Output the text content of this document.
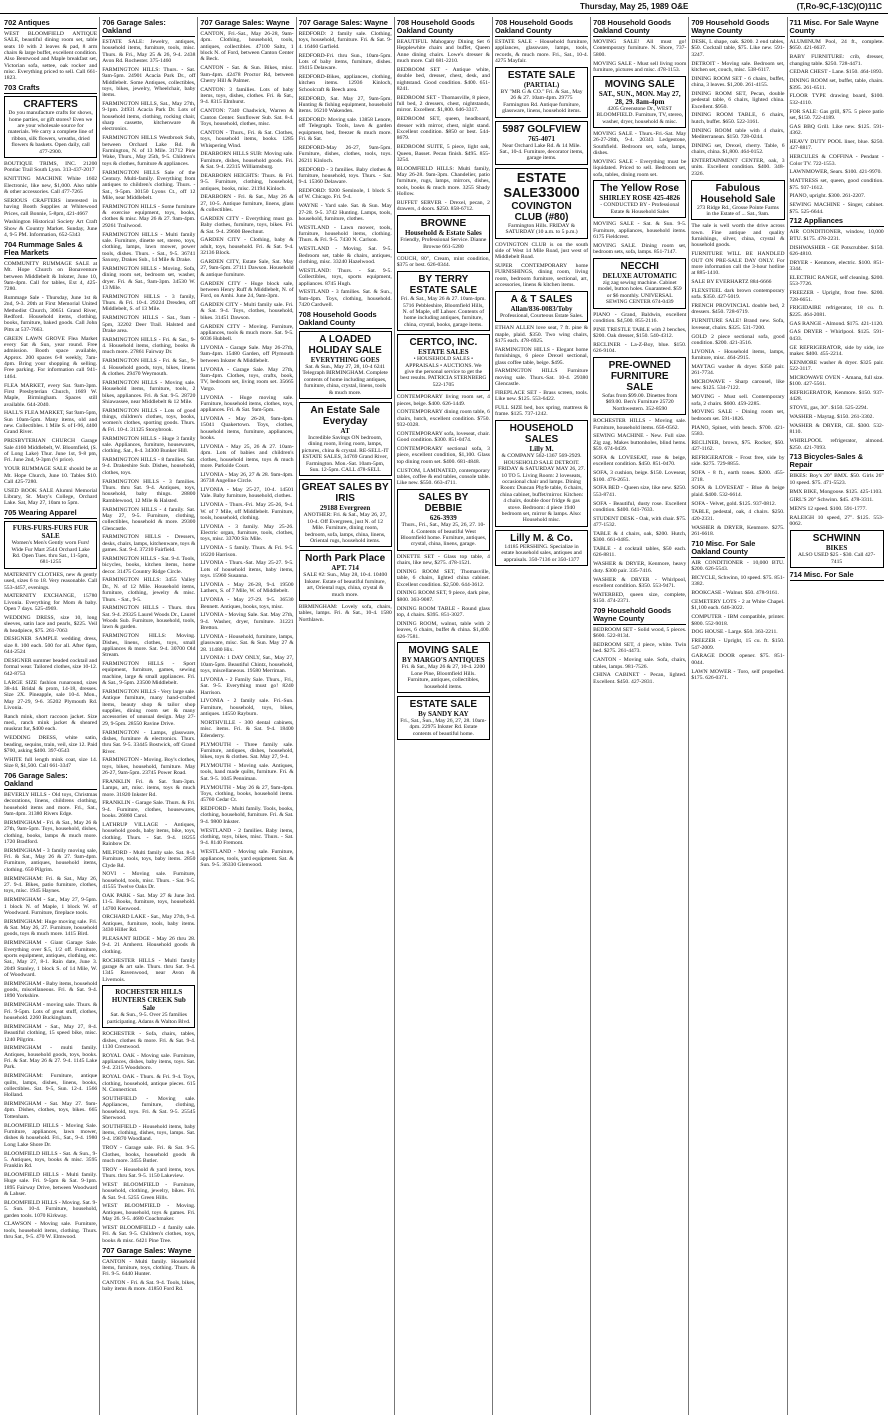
Thursday, May 25, 1989 O&E	(T,Ro-9C,F-13C)(O)11C
702 Antiques
WEST BLOOMFIELD ANTIQUE SALE, beautiful dining room set, table seats 10 with 2 leaves & pad, 8 arm chairs & large buffet, excellent condition. Also Bentwood and Maple breakfast set, Victorian sofa, settee, oak rocker and misc. Everything priced to sell. Call 661-1823.
703 Crafts
CRAFTERS
Do you manufacture crafts for shows, home parties, or gift stores? Even we are your wholesale source for materials. We carry a complete line of ribbon, silk flowers, wreaths, dried flowers & baskets. Open daily, call 477-2900.
BOUTIQUE TRIMS, INC. 21200 Pontiac Trail South Lyon. 313-437-2017
KNITTING MACHINE White 1602 Electronic, like new, $1,000. Also table & other accessories. Call 477-7265
SERIOUS CRAFTERS interested in having Booth Supplies at Whitewood Prices, call Bonnie, 5-8pm, 421-4667
Washington Historical Society Art Craft Show & Country Market. Sunday, June 4, 9-5 PM. Information, 652-5343
704 Rummage Sales & Flea Markets
COMMUNITY RUMMAGE SALE at Mt. Hope Church on Bonaventure between Middlebelt & Inkster, June 10, 9am-4pm. Call for tables, Ext 4, 425-7280.
Rummage Sale - Thursday, June 1st & 2nd, 9-3. 20th at First Memorial United Methodist Church, 30651 Grand River, Redford. Household items, clothing, books, furniture, baked goods. Call John Pitts at 537-7663.
GREEN LAWN GROVE Flea Market every Sat & Sun, year round. Free admission. Booth space available, Approx. 200 spaces 6-8 weekly, 7am-4pm. Bring your shopping & selling. Free parking. For information call 941-1464.
FLEA MARKET, every Sat. 9am-3pm. First Presbyterian Church, 1669 W. Maple, Birmingham. Spaces still available. 644-2040.
HALL'S FLEA MARKET, Sat 9am-5pm, Sun 10am-5pm. Many items, old and new. Collectibles. 1 Mile S. of I-96, 4400 Grand River.
PRESBYTERIAN CHURCH Garage Sale 4160 Middlebelt, W. Bloomfield, (S. of Long Lake) Thur. June 1st, 9-8 pm, Fri. June 2nd, 9-3pm (½ price).
YOUR RUMMAGE SALE should be at Mt. Hope Church, June 10. Tables $10. Call 425-7280.
USED BOOK SALE Alumni Memorial Library, St. Mary's College, Orchard Lake. Sat, May 27, 10am to 5pm.
705 Wearing Apparel
FURS-FURS-FURS FUR SALE
Women's Men's Gently worn Furs! Wide Fur Mart 2544 Orchard Lake Rd. Open Tues. thru Sat., 11-5pm, 681-1255
MATERNITY CLOTHES, new & gently used, sizes 6 to 18. Very reasonable. Call 553-4457, evenings.
MATERNITY EXCHANGE, 15780 Livonia. Everything for Mom & baby. Open 7 days. 525-4969.
WEDDING DRESS, size 10, long sleeves, satin lace and pearls, $225. Veil & headpiece, $75. 261-7063
DESIGNER SAMPLE wedding dress, size 8. 100 each. 500 for all. After 6pm, 644-2524
DESIGNER summer beaded cocktail and formal wear. Tailored clothes, size 10-12. 642-8753
LARGE SIZE fashion runaround, sizes 38-44. Bridal & prom, 14-18, dresses. Size 2X. Pineapple, sale 10-4. Mon., May 27-29, 9-6. 35202 Plymouth Rd. Livonia.
Ranch mink, short raccoon jacket. Size med., ranch mink jacket & sheared muskrat fur, $400 each.
WEDDING DRESS, white satin, beading, sequins, train, veil, size 12. Paid $700, asking $400. 397-0543
WHITE full length mink coat, size 14. Size 8, $1,500. Call 661-3347
706 Garage Sales: Oakland
BEVERLY HILLS - Old toys, Christmas decorations, linens, childrens clothing, household items and more. Fri., Sat., 9am-4pm. 31380 Rivers Edge.
BIRMINGHAM - Fri. & Sat., May 26 & 27th, 9am-5pm. Toys, household, dishes, clothing, books, lamps & much more. 1720 Bradford.
BIRMINGHAM - 3 family moving sale, Fri. & Sat., May 26 & 27. 9am-4pm. Furniture, antiques, household items, clothing. 650 Pilgrim.
BIRMINGHAM: Fri. & Sat., May 26, 27. 9-4. Bikes, patio furniture, clothes, toys, misc. 1945 Haynes.
BIRMINGHAM - Sat., May 27, 9-5pm. 1 block N. of Maple, 1 block W. of Woodward. Furniture, fireplace tools.
BIRMINGHAM: Huge moving sale. Fri. & Sat. May 26, 27. Furniture, household goods, toys & much more. 1415 Bird.
BIRMINGHAM - Giant Garage Sale. Everything over $.5, 1/2 off. Furniture, sports equipment, antiques, clothing, etc. Sat., May 27, 8-1. Rain date, June 3. 2049 Stanley, 1 block S. of 14 Mile, W. of Woodward.
BIRMINGHAM - Baby items, household goods, miscellaneous. Fri. & Sat. 9-4. 1890 Yorkshire.
BIRMINGHAM - moving sale. Thurs. & Fri. 9-5pm. Lots of great stuff, clothes, household. 2260 Buckingham.
BIRMINGHAM - Sat., May 27, 8-4. Beautiful clothing, 15 speed bike, misc. 1240 Pilgrim.
BIRMINGHAM - multi family. Antiques, household goods, toys, books. Fri. & Sat. May 26 & 27. 9-4. 1145 Lake Park.
BIRMINGHAM: Furniture, antique quilts, lamps, dishes, linens, books, collectibles. Sat. 9-5, Sun. 12-4. 1566 Holland.
BIRMINGHAM - Sat. May 27. 9am-4pm. Dishes, clothes, toys, bikes. 665 Tottenham.
BLOOMFIELD HILLS - Moving Sale. Furniture, appliances, lawn mower, dishes & household. Fri., Sat., 9-4. 1980 Long Lake Shore Dr.
BLOOMFIELD HILLS - Sat. & Sun., 9-5. Antiques, toys, books & misc. 3595 Franklin Rd.
BLOOMFIELD HILLS - Multi family. Huge sale. Fri. 9-5pm & Sat. 9-1pm. 1895 Fairway Drive, between Woodward & Lahser.
BLOOMFIELD HILLS - Moving. Sat. 9-5. Sun. 10-4. Furniture, household, garden tools. 1070 Kirkway.
CLAWSON - Moving sale. Furniture, tools, household items, clothing. Thurs. thru Sat., 9-5. 470 W. Elmwood.
706 Garage Sales: Oakland
ESTATE SALE: Jewelry, antiques, household items, furniture, tools, misc. Thurs. & Fri., May 25 & 26, 9-4. 2438 Avon Rd. Rochester. 375-1460
FARMINGTON HILLS: Thurs. - Sat. 9am-5pm. 24901 Acacia Park Dr., off Middlebelt. Some Antiques, collectibles, toys, bikes, jewelry, Wheelchair, baby items.
FARMINGTON HILLS, Sat., May 27th, 9-1pm. 24931 Acacia Park Dr. Lots of household items, clothing, rocking chair, sharp cassette, kitchenware & electronics.
FARMINGTON HILLS Westbrook Sub, between Orchard Lake Rd. & Farmington, N. of 13 Mile. 31712 Pine Wake, Thurs., May 25th, 9-5. Children's toys & clothes, furniture & appliances.
FARMINGTON HILLS Sale of the Century. Multi-family. Everything from antiques to children's clothing. Thurs. - Sat., 9-5pm. 30150 Lyons Ct., off 12 Mile, near Middlebelt.
FARMINGTON HILLS - Some furniture & exercise equipment, toys, books, clothes & misc. May 26 & 27. 9am-4pm. 29261 Trailwood.
FARMINGTON HILLS - Multi family sale. Furniture, dinette set, stereo, toys, clothing, lamps, lawn mower, power tools, dishes. Thurs. - Sat., 9-5. 36741 Saxony, Drakes Sub., 14 Mile & Drake.
FARMINGTON HILLS - Moving. Sofa, dining room set, bedroom set, washer, dryer. Fri. & Sat., 9am-3pm. 34530 W. 13 Mile.
FARMINGTON HILLS - 3 family, Thurs. & Fri. 10-4. 29224 Dresden, off Middlebelt, S. of 13 Mile.
FARMINGTON HILLS - Sat., 9am - 5pm, 32202 Deer Trail. Halsted and Drake area.
FARMINGTON HILLS - Fri. & Sat., 9-4. Household items, clothing, books & much more. 27861 Fairway Dr.
FARMINGTON HILLS - Fri. & Sat., 9-4. Household goods, toys, bikes, linens & clothes. 29470 Weymouth.
FARMINGTON HILLS - Moving sale. Household items, furniture, tools, 2 bikes, appliances. Fri. & Sat. 9-5. 28720 Shiawassee, near Middlebelt & 12 Mile.
FARMINGTON HILLS - Lots of good things, children's clothes, toys, books, women's clothes, sporting goods. Thurs. & Fri. 10-4. 31125 Stonybrook.
FARMINGTON HILLS - Huge 3 family sale. Appliances, furniture, housewares, clothing. Sat., 8-4. 34300 Bunker Hill.
FARMINGTON HILLS - 8 families. Sat. 9-4. Drakeshire Sub. Dishes, household, clothes, toys.
FARMINGTON HILLS - 3 families. Thurs. thru Sat. 9-4. Antiques, toys, household, baby things. 28800 Ramblewood, 12 Mile & Halsted.
FARMINGTON HILLS - 4 family. Sat. May 27, 9-5. Furniture, clothing, collectibles, household & more. 29300 Glencastle.
FARMINGTON HILLS - Dressers, desks, chairs, lamps, kitchenware, toys & games. Sat. 9-4. 37210 Fairfield.
FARMINGTON HILLS - Sat. 9-4. Tools, bicycles, books, kitchen items, home decor. 31475 Country Ridge Circle.
FARMINGTON HILLS: 3455 Valley Dr., N. of 12 Mile. Household items, furniture, clothing, jewelry & misc. Thurs. - Sat., 9-5.
FARMINGTON HILLS - Thurs. thru Sat. 9-4. 29325 Laurel Woods Dr., Laurel Woods Sub. Furniture, household, tools, lawn & garden.
FARMINGTON HILLS: Moving. Dishes, linens, clothes, toys, small appliances & more. Sat. 9-4. 30700 Old Stream.
FARMINGTON HILLS - Sport equipment, furniture, games, sewing machine, large & small appliances. Fri. & Sat., 9-5pm. 23500 Middlebelt.
FARMINGTON HILLS - Very large sale. Antique furniture, many hand-crafted items, beauty shop & tailor shop supplies, dining room set & many accessories of unusual design. May 27-29, 9-5pm. 28550 Ravine Drive.
FARMINGTON - Lamps, glassware, dishes, furniture & electronics. Thurs. thru Sat. 9-5. 33445 Bostwick, off Grand River.
FARMINGTON - Moving. Boy's clothes, toys, bikes, household, furniture. May 26-27, 9am-5pm. 23745 Power Road.
FRANKLIN Fri. & Sat. 9am-3pm. Lamps, art, misc. items, toys & much more. 31820 Inkster Rd.
FRANKLIN - Garage Sale. Thurs. & Fri. 9-4. Furniture, clothes, housewares, books. 26860 Carol.
LATHRUP VILLAGE - Antiques, household goods, baby items, bike, toys, clothing. Thurs. - Sat. 9-4. 18255 Rainbow Dr.
MILFORD - Multi family sale. Sat. 8-4. Furniture, tools, toys, baby items. 2850 Clyde Rd.
NOVI - Moving sale. Furniture, household, tools, misc. Thurs. - Sat. 9-5. 41555 Twelve Oaks Dr.
OAK PARK - Sat. May 27 & June 3rd. 11-5. Books, furniture, toys, household. 14700 Kenwood.
ORCHARD LAKE - Sat., May 27th, 9-4. Antiques, furniture, tools, baby items. 3430 Hiller Rd.
PLEASANT RIDGE - May 26 thru 28. 9-4. 21 Amherst. Household goods & clothing.
ROCHESTER HILLS - Multi family garage & art sale. Thurs. thru Sat. 9-4. 1345 Ravenwood, near Avon & Livernois.
ROCHESTER HILLS HUNTERS CREEK Sub Sale
Sat. & Sun., 9-5. Over 25 families participating. Adams & Walton Blvd.
ROCHESTER - Sofa, chairs, tables, dishes, clothes & more. Fri. & Sat. 9-4. 1130 Crestwood.
ROYAL OAK - Moving sale. Furniture, appliances, dishes, baby items, toys. Sat. 9-4. 2315 Woodsboro.
ROYAL OAK - Thurs. & Fri. 9-4. Toys, clothing, household, antique pieces. 615 N. Connecticut.
SOUTHFIELD - Moving sale. Appliances, furniture, clothing, household, toys. Fri. & Sat. 9-5. 25545 Sherwood.
SOUTHFIELD - Household items, baby items, clothing, dishes, toys, lamps. Sat. 9-4. 19870 Woodland.
TROY - Garage sale. Fri. & Sat. 9-5. Clothes, books, household goods & much more. 3455 Butler.
TROY - Household & yard items, toys. Thurs. thru Sat. 9-5. 1150 Lakeview.
WEST BLOOMFIELD - Furniture, household, clothing, jewelry, bikes. Fri. & Sat. 9-4. 5255 Green Hills.
WEST BLOOMFIELD - Moving. Antiques, household, toys & games. Fri. May 26. 9-5. 4680 Coachmaker.
WEST BLOOMFIELD - 4 family sale. Fri. & Sat. 9-5. Children's clothes, toys, books & misc. 6421 Pine Tree.
707 Garage Sales: Wayne
CANTON - Multi family. Household items, furniture, toys, clothing. Thurs. & Fri. 9-5. 6440 Hunter.
CANTON - Fri. & Sat. 9-4. Tools, bikes, baby items & more. 41850 Ford Rd.
707 Garage Sales: Wayne
CANTON, Fri.-Sat., May 26-28, 9am-4pm. Clothing, household, tools, antiques, collectibles. 47100 Saltz, 1 block N. of Ford, between Canton Center & Beck.
CANTON - Sat. & Sun. Bikes, misc. 9am-4pm. 42478 Proctor Rd, between Cherry Hill & Palmer.
CANTON: 3 families. Lots of baby items, toys, dishes, clothes. Fri. & Sat., 9-4. 8315 Elmhurst.
CANTON: 7340 Chadwick, Warren & Canton Center. Sunflower Sub. Sat. 8-4. Toys, household, clothes, misc.
CANTON - Thurs., Fri. & Sat. Clothes, toys, household items, books. 1285 Whispering Wind.
DEARBORN HILLS SUB: Moving sale. Furniture, dishes, household goods. Fri. & Sat. 9-4. 22315 Williamsburg.
DEARBORN HEIGHTS: Thurs. & Fri. 9-5. Furniture, clothing, household, antiques, books, misc. 21194 Kinloch.
DEARBORN - Fri. & Sat., May 26 & 27, 10-5. Antique furniture, linens, glass & collectibles.
GARDEN CITY - Everything must go. Baby clothes, furniture, toys, bikes. Fri. & Sat. 9-4. 29600 Beechnut.
GARDEN CITY - Clothing, baby & adult, toys, household. Fri. & Sat. 9-4. 32136 Block.
GARDEN CITY, Estate Sale, Sat. May 27, 9am-5pm. 27111 Dawson. Household & antique furniture.
GARDEN CITY - Huge block sale, between Henry Ruff & Middlebelt, N. of Ford, on Amhi. June 24, 9am-3pm.
GARDEN CITY - Multi family sale. Fri. & Sat. 9-4. Toys, clothes, household, bikes. 31451 Dawson.
GARDEN CITY - Moving. Furniture, appliances, tools & much more. Sat. 9-5. 6036 Hubbell.
LIVONIA - Garage Sale. May 26-27th, 9am-4pm. 15480 Garden, off Plymouth between Inkster & Middlebelt.
LIVONIA - Garage Sale. May 27th, 9am-4pm. Clothes, toys, crafts, book, TV, bedroom set, living room set. 35665 Vargo.
LIVONIA - Huge moving sale. Furniture, household items, clothes, toys, appliances. Fri. & Sat. 9am-5pm.
LIVONIA - May 26-28, 9am-4pm. 15041 Quakertown. Toys, clothes, household items, furniture, appliances, books.
LIVONIA - May 25, 26 & 27. 10am-4pm. Lots of babies and children's clothes, household items, toys & much more. Parkside Court.
LIVONIA - May 26, 27 & 28. 9am-4pm. 36738 Angeline Circle.
LIVONIA - May 25-27, 10-4. 14501 Yale. Baby furniture, household, clothes.
LIVONIA - Thurs.-Fri. May 25-26, 9-4. W. of 7 Mile, off Middlebelt. Furniture, tools, household, clothing.
LIVONIA - 3 family. May 25-26. Electric organ, furniture, tools, clothes, toys, misc. 33700 Six Mile.
LIVONIA - 5 family. Thurs. & Fri. 9-5. 16220 Harrison.
LIVONIA - Thurs.-Sat. May 25-27. 9-5. Lots of household items, baby items, toys. 15960 Susanna.
LIVONIA - May 26-28, 9-4. 19500 Lathers, S. of 7 Mile, W. of Middlebelt.
LIVONIA - May 27-29. 9-5. 36530 Bennett. Antiques, books, toys, misc.
LIVONIA - Moving Sale. Sat. May 27th, 9-4. Washer, dryer, furniture. 31221 Bretton.
LIVONIA - Household, furniture, lamps, glassware, misc. Sat. & Sun. May 27 & 28. 11480 Hix.
LIVONIA: 1 DAY ONLY, Sat., May 27, 10am-5pm. Beautiful Chintz, household, toys, miscellaneous. 19580 Merriman.
LIVONIA - 2 Family Sale. Thurs., Fri., Sat. 9-5. Everything must go! 8240 Harrison.
LIVONIA - 2 family sale. Fri.-Sun. Furniture, household, toys, bikes, antiques. 14550 Rayburn.
NORTHVILLE - 300 dental cabinets, misc. items. Fri. & Sat. 9-4. 18400 Edenderry.
PLYMOUTH - Three family sale. Furniture, antiques, dishes, household, bikes, toys & clothes. Sat. May 27, 9-4.
PLYMOUTH - Moving sale. Antiques, tools, hand made quilts, furniture. Fri. & Sat. 9-5. 1045 Penniman.
PLYMOUTH - May 26 & 27, 9am-4pm. Toys, clothing, books, household items. 45760 Cedar Ct.
REDFORD - Multi family. Tools, books, clothing, household, furniture. Fri. & Sat. 9-4. 9800 Inkster.
WESTLAND - 2 families. Baby items, clothing, toys, bikes, misc. Thurs. - Sat. 9-4. 8140 Fremont.
WESTLAND - Moving sale. Furniture, appliances, tools, yard equipment. Sat. & Sun. 9-5. 36330 Glenwood.
707 Garage Sales: Wayne
REDFORD: 2 family sale. Clothing, toys, household, furniture. Fri. & Sat. 9-4. 16460 Garfield.
REDFORD-Fri. thru Sun., 10am-5pm. Lots of baby items, furniture, dishes. 19415 Delaware.
REDFORD-Bikes, appliances, clothing, kitchen items. 12936 Kinloch, Schoolcraft & Beech area.
REDFORD, Sat. May 27, 9am-5pm. Hunting & fishing equipment, household items. 16210 Wakenden.
REDFORD: Moving sale. 13858 Lenore, off Telegraph. Tools, lawn & garden equipment, bed, freezer & much more. Fri. & Sat.
REDFORD-May 26-27, 9am-5pm. Furniture, dishes, clothes, tools, toys. 26211 Kinloch.
REDFORD - 3 families. Baby clothes & furniture, household, toys. Thurs. - Sat. 9-4. 15360 Delaware.
REDFORD: 9200 Seminole, 1 block S. of W. Chicago. Fri. 9-4.
WAYNE - Yard sale. Sat. & Sun. May 27-28. 9-5. 3742 Hunting. Lamps, tools, household, furniture, clothes.
WESTLAND - Lawn mower, tools, furniture, household items, clothing. Thurs. & Fri. 9-5. 7430 N. Carlson.
WESTLAND - Moving. Sat. 9-5. Bedroom set, table & chairs, antiques, clothing, misc. 33240 Hazelwood.
WESTLAND: Thurs. - Sat. 9-5. Collectibles, toys, sports equipment, appliances. 8745 Hugh.
WESTLAND - 3 families. Sat. & Sun., 9am-4pm. Toys, clothing, household. 7420 Cardwell.
708 Household Goods Oakland County
A LOADED HOLIDAY SALE
EVERYTHING GOES
Sat. & Sun., May 27, 28, 10-4 6241 Telegraph BIRMINGHAM. Complete contents of home including antiques, furniture, china, crystal, linens, tools & much more.
An Estate Sale Everyday
AT
Incredible Savings ON bedroom, dining room, living room, lamps, pictures, china & crystal. RE-SELL-IT ESTATE SALES, 34769 Grand River, Farmington. Mon.-Sat. 10am-5pm, Sun. 12-5pm. CALL 478-SELL
GREAT SALES BY IRIS
29188 Evergreen
ANOTHER: Fri. & Sat., May 26, 27, 10-4. Off Evergreen, just N. of 12 Mile. Furniture, dining room, bedroom, sofa, lamps, china, linens, Oriental rugs, household items.
North Park Place
APT. 714
SALE #2: Sun., May 28, 10-4. 10400 Inkster. Estate of beautiful furniture, art, Oriental rugs, china, crystal & much more.
BIRMINGHAM: Lovely sofa, chairs, tables, lamps. Fri. & Sat., 10-4. 1580 Northlawn.
708 Household Goods Oakland County
BEAUTIFUL Mahogany Dining Set 6 Hepplewhite chairs and buffet, Queen Anne dining chairs. Lowe's dresser & much more. Call 681-2210.
BEDROOM SET - Antique white, double bed, dresser, chest, desk, and nightstand. Good condition. $400. 651-8241.
BEDROOM SET - Thomasville, 8 piece, full bed, 2 dressers, chest, nightstands, mirror. Excellent. $1,800. 646-3317.
BEDROOM SET, queen, headboard, dresser with mirror, chest, night stand. Excellent condition. $850 or best. 544-8679.
BEDROOM SUITE, 5 piece, light oak, Queen, Basset. Pecan finish. $495. 855-3254.
BLOOMFIELD HILLS: Multi family, May 26-28. 9am-3pm. Chandelier, patio furniture, rugs, lamps, mirrors, dishes, tools, books & much more. 3255 Shady Hollow.
BUFFET SERVER - Drexel, pecan, 2 drawers, 4 doors. $250. 858-6712.
BROWNE
Household & Estate Sales
Friendly, Professional Service. Dianne Browne 661-5280
COUCH, 80", Cream, mint condition, $375 or best. 626-0344.
BY TERRY ESTATE SALE
Fri. & Sat., May 26 & 27. 10am-4pm. 5716 Pebbleshire, Bloomfield Hills, N. of Maple, off Lahser. Contents of home including antiques, furniture, china, crystal, books, garage items.
CERTCO, INC.
ESTATE SALES
• HOUSEHOLD SALES • APPRAISALS • AUCTIONS. We give the personal service to get the best results. PATRICIA STERNBERG 522-1705
CONTEMPORARY living room set, 4 pieces, beige. $400. 626-1449.
CONTEMPORARY dining room table, 6 chairs, hutch, excellent condition. $750. 932-0328.
CONTEMPORARY sofa, loveseat, chair. Good condition. $300. 851-0474.
CONTEMPORARY sectional sofa, 3 piece, excellent condition, $1,100. Glass top dining room set. $400. 681-4848.
CUSTOM, LAMINATED, contemporary tables, coffee & end tables, console table. Like new. $550. 663-4711.
SALES BY DEBBIE
626-3939
Thurs., Fri., Sat., May 25, 26, 27. 10-4. Contents of beautiful West Bloomfield home. Furniture, antiques, crystal, china, linens, garage.
DINETTE SET - Glass top table, 4 chairs, like new, $275. 478-1521.
DINING ROOM SET, Thomasville, table, 6 chairs, lighted china cabinet. Excellent condition. $2,500. 644-3612.
DINING ROOM SET, 9 piece, dark pine, $800. 363-9087.
DINING ROOM TABLE - Round glass top, 4 chairs. $395. 851-3027.
DINING ROOM, walnut, table with 2 leaves, 6 chairs, buffet & china. $1,400. 626-7581.
MOVING SALE
BY MARGO'S ANTIQUES
Fri. & Sat., May 26 & 27, 10-4. 2200 Lone Pine, Bloomfield Hills. Furniture, antiques, collectibles, household items.
ESTATE SALE
By SANDY KAY
Fri., Sat., Sun., May 26, 27, 28. 10am-4pm. 22975 Inkster Rd. Estate contents of beautiful home.
708 Household Goods Oakland County
ESTATE SALE - Household furniture, appliances, glassware, lamps, tools, records, & much more. Fri., Sat., 10-4. 4275 Mayfair.
ESTATE SALE
(PARTIAL)
BY "MR G & CO." Fri. & Sat., May 26 & 27. 10am-4pm. 29775 Farmington Rd. Antique furniture, glassware, linens, household items.
5987 GOLFVIEW
765-4071
Near Orchard Lake Rd. & 14 Mile. Sat., 10-4. Furniture, decorator items, garage items.
ESTATE SALE33000
COVINGTON CLUB (#80)
Farmington Hills. FRIDAY & SATURDAY (10 a.m. to 5 p.m.)
COVINGTON CLUB is on the south side of West 14 Mile Road, just west of Middlebelt Road.
SUPER CONTEMPORARY home FURNISHINGS, dining room, living room, bedroom furniture, sectional, art, accessories, linens & kitchen items.
A & T SALES
Allan/836-0083/Toby
Professional, Courteous Estate Sales.
ETHAN ALLEN love seat, 7 ft. pine & maple, plaid. $350. Two wing chairs, $175 each. 478-6925.
FARMINGTON HILLS - Elegant home furnishings, 6 piece Drexel sectional, glass coffee table, beige. $495.
FARMINGTON HILLS Furniture moving sale. Thurs.-Sat. 10-4. 29380 Glencastle.
FIREPLACE SET - Brass screen, tools. Like new. $125. 553-6422.
FULL SIZE bed, box spring, mattress & frame. $125. 737-1242.
HOUSEHOLD SALES
Lilly M.
& COMPANY 562-1367 569-2929. HOUSEHOLD SALE DETROIT. FRIDAY & SATURDAY MAY 26, 27. 10 TO 5. Living Room: 2 loveseats, occasional chair and lamps. Dining Room: Duncan Phyfe table, 6 chairs, china cabinet, buffet/mirror. Kitchen: 4 chairs, double door fridge & gas stove. Bedroom: 4 piece 1940 bedroom set, mirror & lamps. Also: Household misc.
Lilly M. & Co.
14185 PERSHING. Specialize in estate household sales, antiques and appraisals. 350-7136 or 350-1377
708 Household Goods Oakland County
MOVING SALE! All must go! Contemporary furniture. N. Shore, 737-5800.
MOVING SALE - Must sell living room furniture, pictures and misc. 478-1153.
MOVING SALE
SAT., SUN., MON. May 27, 28, 29. 8am-4pm
4205 Greenstone Dr., WEST BLOOMFIELD. Furniture, TV, stereo, washer, dryer, household & misc.
MOVING SALE - Thurs.-Fri.-Sat. May 26-27-28th, 9-4. 20343 Ledgestone, Southfield. Bedroom set, sofa, lamps, dishes.
MOVING SALE - Everything must be liquidated. Priced to sell. Bedroom set, sofa, tables, dining room set.
The Yellow Rose
SHIRLEY ROSE 425-4826
- CONDUCTED BY - Professional Estate & Household Sales
MOVING SALE - Sat. & Sun. 9-5. Furniture, appliances, household items. 6175 Fieldcrest.
MOVING SALE. Dining room set, bedroom sets, sofa, lamps. 851-7147.
NECCHI
DELUXE AUTOMATIC
zig zag sewing machine. Cabinet model, button holes. Guaranteed. $59 or $6 monthly. UNIVERSAL SEWING CENTER 674-0439
PIANO - Grand, Baldwin, excellent condition. $4,500. 855-2116.
PINE TRESTLE TABLE with 2 benches, $200. Oak dresser, $150. 540-4312.
RECLINER - La-Z-Boy, blue. $150. 626-9104.
PRE-OWNED FURNITURE SALE
Sofas from $99.00. Dinettes from $69.00. Ben's Furniture 25720 Northwestern. 352-8590
ROCHESTER HILLS - Moving sale. Furniture, household items. 656-0562.
SEWING MACHINE - New. Full size. Zig zag. Makes buttonholes, blind hems. $59. 674-0439.
SOFA & LOVESEAT, rose & beige, excellent condition. $450. 851-0470.
SOFA, 3 cushion, beige. $150. Loveseat, $100. 476-2651.
SOFA BED - Queen size, like new. $250. 553-8741.
SOFA - Beautiful, dusty rose. Excellent condition. $400. 641-7633.
STUDENT DESK - Oak, with chair. $75. 477-1532.
TABLE & 4 chairs, oak, $200. Hutch, $300. 661-0485.
TABLE - 4 cocktail tables, $50 each. 626-8811.
WASHER & DRYER, Kenmore, heavy duty. $300 pair. 335-7416.
WASHER & DRYER - Whirlpool, excellent condition. $350. 553-9471.
WATERBED, queen size, complete, $150. 474-2371.
709 Household Goods Wayne County
BEDROOM SET - Solid wood, 5 pieces. $600. 522-8134.
BEDROOM SET, 4 piece, white. Twin bed. $275. 261-4473.
CANTON - Moving sale. Sofa, chairs, tables, lamps. 981-7526.
CHINA CABINET - Pecan, lighted. Excellent. $450. 427-2831.
709 Household Goods Wayne County
DESK, L shape, oak. $200. 2 end tables, $50. Cocktail table, $75. Like new. 591-3247.
DETROIT - Moving sale. Bedroom set, kitchen set, couch, misc. 538-6117.
DINING ROOM SET - 6 chairs, buffet, china, 3 leaves. $1,200. 261-4155.
DINING ROOM SET, Pecan, double pedestal table, 6 chairs, lighted china. Excellent. $950.
DINING ROOM TABLE, 6 chairs, hutch, buffet. $650. 522-3161.
DINING ROOM table with 4 chairs, Mediterranean. $150. 728-0244.
DINING set, Drexel, cherry. Table, 6 chairs, china. $1,800. 464-0152.
ENTERTAINMENT CENTER, oak, 3 units. Excellent condition. $400. 348-2326.
Fabulous Household Sale
273 Ridge Rd., Grosse Pointe Farms in the Estate of ... Sat., 9am.
The sale is well worth the drive across town. Fine antique and quality furnishings, silver, china, crystal & household goods.
FURNITURE WILL BE HANDLED OUT ON PRE-SALE DAY ONLY. For more information call the 3-hour hotline at 885-1410.
SALE BY EVERHARTZ 884-6666
FLEXSTEEL dark brown contemporary sofa. $350. 427-5019.
FRENCH PROVINCIAL double bed, 2 dressers. $450. 728-6719.
FURNITURE SALE! Brand new. Sofa, loveseat, chairs. $325. 531-7200.
GOLD 2 piece sectional sofa, good condition. $200. 421-3516.
LIVONIA - Household items, lamps, furniture, misc. 464-2915.
MAYTAG washer & dryer. $350 pair. 261-7734.
MICROWAVE - Sharp carousel, like new. $125. 534-7122.
MOVING - Must sell. Contemporary sofa, 2 chairs. $600. 459-2285.
MOVING SALE - Dining room set, bedroom set. 591-1826.
PIANO, Spinet, with bench. $700. 421-5583.
RECLINER, brown, $75. Rocker, $50. 427-1162.
REFRIGERATOR - Frost free, side by side. $275. 729-8855.
SOFA - 8 ft., earth tones. $200. 455-3718.
SOFA & LOVESEAT - Blue & beige plaid. $400. 532-6614.
SOFA - Velvet, gold. $125. 937-0812.
TABLE, pedestal, oak, 4 chairs. $250. 420-2331.
WASHER & DRYER, Kenmore. $275. 261-6618.
710 Misc. For Sale Oakland County
AIR CONDITIONER - 10,000 BTU. $200. 626-5543.
BICYCLE, Schwinn, 10 speed. $75. 851-3382.
BOOKCASE - Walnut. $50. 478-9161.
CEMETERY LOTS - 2 at White Chapel. $1,100 each. 646-3022.
COMPUTER - IBM compatible, printer. $800. 552-9018.
DOG HOUSE - Large. $50. 363-2211.
FREEZER - Upright, 15 cu. ft. $150. 547-2009.
GARAGE DOOR opener. $75. 851-0044.
LAWN MOWER - Toro, self propelled. $175. 626-0371.
711 Misc. For Sale Wayne County
ALUMINUM Pool, 24 ft., complete. $650. 421-6637.
BABY FURNITURE: crib, dresser, changing table. $250. 728-4471.
CEDAR CHEST - Lane. $150. 464-1893.
DINING ROOM set, buffet, table, chairs. $395. 261-6511.
FLOOR TYPE drawing board, $100. 532-4110.
FOR SALE: Gas grill, $75. 5 piece patio set, $150. 722-4189.
GAS BBQ Grill. Like new. $125. 591-4362.
HEAVY DUTY POOL liner, blue. $250. 427-8817.
HERCULES & COFFINA - Pendant - Color TV. 722-1553.
LAWNMOWER, Sears. $100. 421-9970.
MATTRESS set, queen, good condition. $75. 937-1612.
PIANO, upright. $300. 261-2207.
SEWING MACHINE - Singer, cabinet. $75. 525-6644.
712 Appliances
AIR CONDITIONER, window, 10,000 BTU. $175. 478-2231.
DISHWASHER - GE Potscrubber. $150. 626-4810.
DRYER - Kenmore, electric. $100. 851-3344.
ELECTRIC RANGE, self cleaning. $200. 553-7726.
FREEZER - Upright, frost free. $200. 728-6651.
FRIGIDAIRE refrigerator, 18 cu. ft. $225. 464-2081.
GAS RANGE - Almond. $175. 421-1120.
GAS DRYER - Whirlpool. $125. 591-0433.
GE REFRIGERATOR, side by side, ice maker. $400. 455-2214.
KENMORE washer & dryer. $325 pair. 522-3117.
MICROWAVE OVEN - Amana, full size. $100. 427-5561.
REFRIGERATOR, Kenmore. $150. 937-4428.
STOVE, gas, 30". $150. 525-2294.
WASHER - Maytag. $150. 261-3302.
WASHER & DRYER, GE. $300. 532-8110.
WHIRLPOOL refrigerator, almond. $250. 421-7093.
713 Bicycles-Sales & Repair
BIKES: Boy's 20" BMX. $50. Girls 26" 10 speed. $75. 471-5523.
BMX BIKE, Mongoose. $125. 425-1103.
GIRL'S 20" Schwinn. $45. 478-3311.
MEN'S 12 speed. $100. 591-1777.
RALEIGH 10 speed, 27". $125. 553-0062.
SCHWINN
BIKES
ALSO USED $25 - $30. Call 427-7415
714 Misc. For Sale
